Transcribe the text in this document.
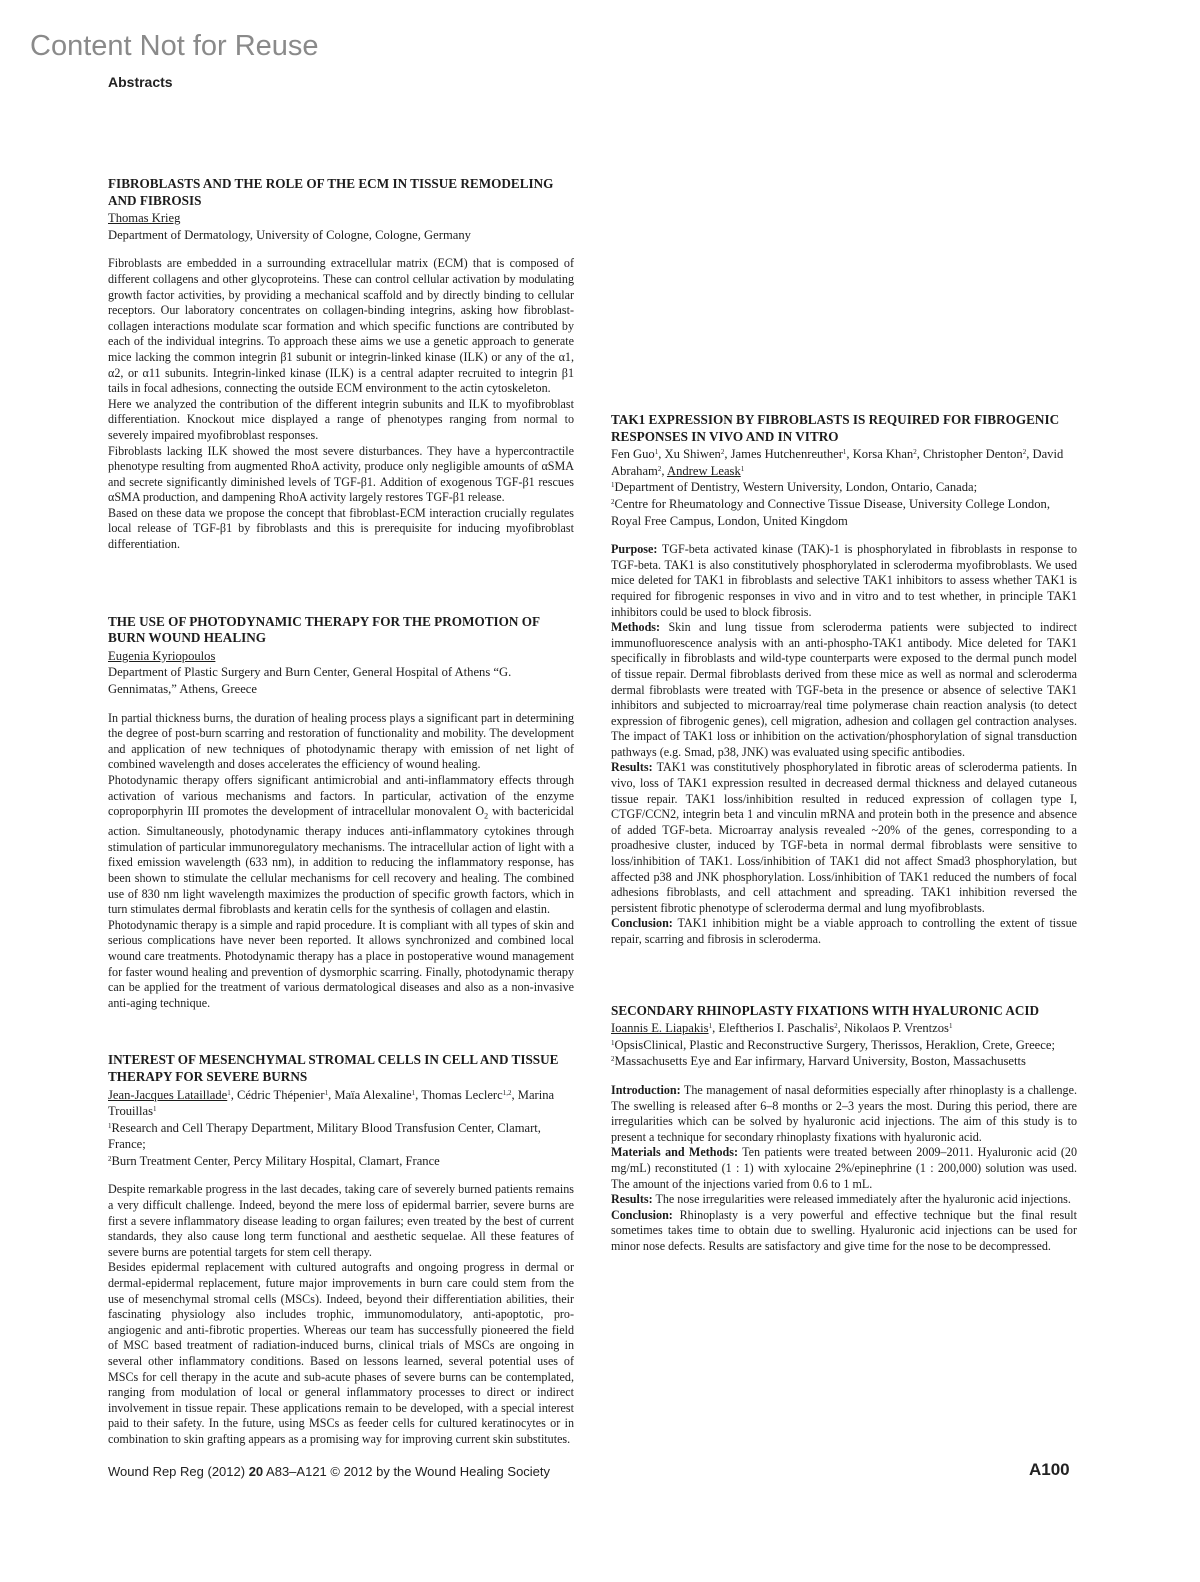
Content Not for Reuse
Abstracts
FIBROBLASTS AND THE ROLE OF THE ECM IN TISSUE REMODELING AND FIBROSIS
Thomas Krieg
Department of Dermatology, University of Cologne, Cologne, Germany

Fibroblasts are embedded in a surrounding extracellular matrix (ECM) that is composed of different collagens and other glycoproteins. These can control cellular activation by modulating growth factor activities, by providing a mechanical scaffold and by directly binding to cellular receptors. Our laboratory concentrates on collagen-binding integrins, asking how fibroblast-collagen interactions modulate scar formation and which specific functions are contributed by each of the individual integrins. To approach these aims we use a genetic approach to generate mice lacking the common integrin β1 subunit or integrin-linked kinase (ILK) or any of the α1, α2, or α11 subunits. Integrin-linked kinase (ILK) is a central adapter recruited to integrin β1 tails in focal adhesions, connecting the outside ECM environment to the actin cytoskeleton.

Here we analyzed the contribution of the different integrin subunits and ILK to myofibroblast differentiation. Knockout mice displayed a range of phenotypes ranging from normal to severely impaired myofibroblast responses.

Fibroblasts lacking ILK showed the most severe disturbances. They have a hypercontractile phenotype resulting from augmented RhoA activity, produce only negligible amounts of αSMA and secrete significantly diminished levels of TGF-β1. Addition of exogenous TGF-β1 rescues αSMA production, and dampening RhoA activity largely restores TGF-β1 release.

Based on these data we propose the concept that fibroblast-ECM interaction crucially regulates local release of TGF-β1 by fibroblasts and this is prerequisite for inducing myofibroblast differentiation.

THE USE OF PHOTODYNAMIC THERAPY FOR THE PROMOTION OF BURN WOUND HEALING
Eugenia Kyriopoulos
Department of Plastic Surgery and Burn Center, General Hospital of Athens “G. Gennimatas,” Athens, Greece

In partial thickness burns, the duration of healing process plays a significant part in determining the degree of post-burn scarring and restoration of functionality and mobility. The development and application of new techniques of photodynamic therapy with emission of net light of combined wavelength and doses accelerates the efficiency of wound healing.

Photodynamic therapy offers significant antimicrobial and anti-inflammatory effects through activation of various mechanisms and factors. In particular, activation of the enzyme coproporphyrin III promotes the development of intracellular monovalent $O_2$ with bactericidal action. Simultaneously, photodynamic therapy induces anti-inflammatory cytokines through stimulation of particular immunoregulatory mechanisms. The intracellular action of light with a fixed emission wavelength (633 nm), in addition to reducing the inflammatory response, has been shown to stimulate the cellular mechanisms for cell recovery and healing. The combined use of 830 nm light wavelength maximizes the production of specific growth factors, which in turn stimulates dermal fibroblasts and keratin cells for the synthesis of collagen and elastin.

Photodynamic therapy is a simple and rapid procedure. It is compliant with all types of skin and serious complications have never been reported. It allows synchronized and combined local wound care treatments. Photodynamic therapy has a place in postoperative wound management for faster wound healing and prevention of dysmorphic scarring. Finally, photodynamic therapy can be applied for the treatment of various dermatological diseases and also as a non-invasive anti-aging technique.

INTEREST OF MESENCHYMAL STROMAL CELLS IN CELL AND TISSUE THERAPY FOR SEVERE BURNS
Jean-Jacques Lataillade$^1$, Cédric Thépenier$^1$, Maïa Alexaline$^1$, Thomas Leclerc$^{1,2}$, Marina Trouillas$^1$
$^1$Research and Cell Therapy Department, Military Blood Transfusion Center, Clamart, France;
$^2$Burn Treatment Center, Percy Military Hospital, Clamart, France

Despite remarkable progress in the last decades, taking care of severely burned patients remains a very difficult challenge. Indeed, beyond the mere loss of epidermal barrier, severe burns are first a severe inflammatory disease leading to organ failures; even treated by the best of current standards, they also cause long term functional and aesthetic sequelae. All these features of severe burns are potential targets for stem cell therapy.

Besides epidermal replacement with cultured autografts and ongoing progress in dermal or dermal-epidermal replacement, future major improvements in burn care could stem from the use of mesenchymal stromal cells (MSCs). Indeed, beyond their differentiation abilities, their fascinating physiology also includes trophic, immunomodulatory, anti-apoptotic, pro-angiogenic and anti-fibrotic properties. Whereas our team has successfully pioneered the field of MSC based treatment of radiation-induced burns, clinical trials of MSCs are ongoing in several other inflammatory conditions. Based on lessons learned, several potential uses of MSCs for cell therapy in the acute and sub-acute phases of severe burns can be contemplated, ranging from modulation of local or general inflammatory processes to direct or indirect involvement in tissue repair. These applications remain to be developed, with a special interest paid to their safety. In the future, using MSCs as feeder cells for cultured keratinocytes or in combination to skin grafting appears as a promising way for improving current skin substitutes.

TAK1 EXPRESSION BY FIBROBLASTS IS REQUIRED FOR FIBROGENIC RESPONSES IN VIVO AND IN VITRO
Fen Guo$^1$, Xu Shiwen$^2$, James Hutchenreuther$^1$, Korsa Khan$^2$, Christopher Denton$^2$, David Abraham$^2$, Andrew Leask$^1$
$^1$Department of Dentistry, Western University, London, Ontario, Canada;
$^2$Centre for Rheumatology and Connective Tissue Disease, University College London, Royal Free Campus, London, United Kingdom

Purpose: TGF-beta activated kinase (TAK)-1 is phosphorylated in fibroblasts in response to TGF-beta. TAK1 is also constitutively phosphorylated in scleroderma myofibroblasts. We used mice deleted for TAK1 in fibroblasts and selective TAK1 inhibitors to assess whether TAK1 is required for fibrogenic responses in vivo and in vitro and to test whether, in principle TAK1 inhibitors could be used to block fibrosis.

Methods: Skin and lung tissue from scleroderma patients were subjected to indirect immunofluorescence analysis with an anti-phospho-TAK1 antibody. Mice deleted for TAK1 specifically in fibroblasts and wild-type counterparts were exposed to the dermal punch model of tissue repair. Dermal fibroblasts derived from these mice as well as normal and scleroderma dermal fibroblasts were treated with TGF-beta in the presence or absence of selective TAK1 inhibitors and subjected to microarray/real time polymerase chain reaction analysis (to detect expression of fibrogenic genes), cell migration, adhesion and collagen gel contraction analyses. The impact of TAK1 loss or inhibition on the activation/phosphorylation of signal transduction pathways (e.g. Smad, p38, JNK) was evaluated using specific antibodies.

Results: TAK1 was constitutively phosphorylated in fibrotic areas of scleroderma patients. In vivo, loss of TAK1 expression resulted in decreased dermal thickness and delayed cutaneous tissue repair. TAK1 loss/inhibition resulted in reduced expression of collagen type I, CTGF/CCN2, integrin beta 1 and vinculin mRNA and protein both in the presence and absence of added TGF-beta. Microarray analysis revealed ~20% of the genes, corresponding to a proadhesive cluster, induced by TGF-beta in normal dermal fibroblasts were sensitive to loss/inhibition of TAK1. Loss/inhibition of TAK1 did not affect Smad3 phosphorylation, but affected p38 and JNK phosphorylation. Loss/inhibition of TAK1 reduced the numbers of focal adhesions fibroblasts, and cell attachment and spreading. TAK1 inhibition reversed the persistent fibrotic phenotype of scleroderma dermal and lung myofibroblasts.

Conclusion: TAK1 inhibition might be a viable approach to controlling the extent of tissue repair, scarring and fibrosis in scleroderma.

SECONDARY RHINOPLASTY FIXATIONS WITH HYALURONIC ACID
Ioannis E. Liapakis$^1$, Eleftherios I. Paschalis$^2$, Nikolaos P. Vrentzos$^1$
$^1$OpsisClinical, Plastic and Reconstructive Surgery, Therissos, Heraklion, Crete, Greece;
$^2$Massachusetts Eye and Ear infirmary, Harvard University, Boston, Massachusetts

Introduction: The management of nasal deformities especially after rhinoplasty is a challenge. The swelling is released after 6–8 months or 2–3 years the most. During this period, there are irregularities which can be solved by hyaluronic acid injections. The aim of this study is to present a technique for secondary rhinoplasty fixations with hyaluronic acid.

Materials and Methods: Ten patients were treated between 2009–2011. Hyaluronic acid (20 mg/mL) reconstituted (1 : 1) with xylocaine 2%/epinephrine (1 : 200,000) solution was used. The amount of the injections varied from 0.6 to 1 mL.

Results: The nose irregularities were released immediately after the hyaluronic acid injections.

Conclusion: Rhinoplasty is a very powerful and effective technique but the final result sometimes takes time to obtain due to swelling. Hyaluronic acid injections can be used for minor nose defects. Results are satisfactory and give time for the nose to be decompressed.

Wound Rep Reg (2012) 20 A83–A121 © 2012 by the Wound Healing Society	A100
